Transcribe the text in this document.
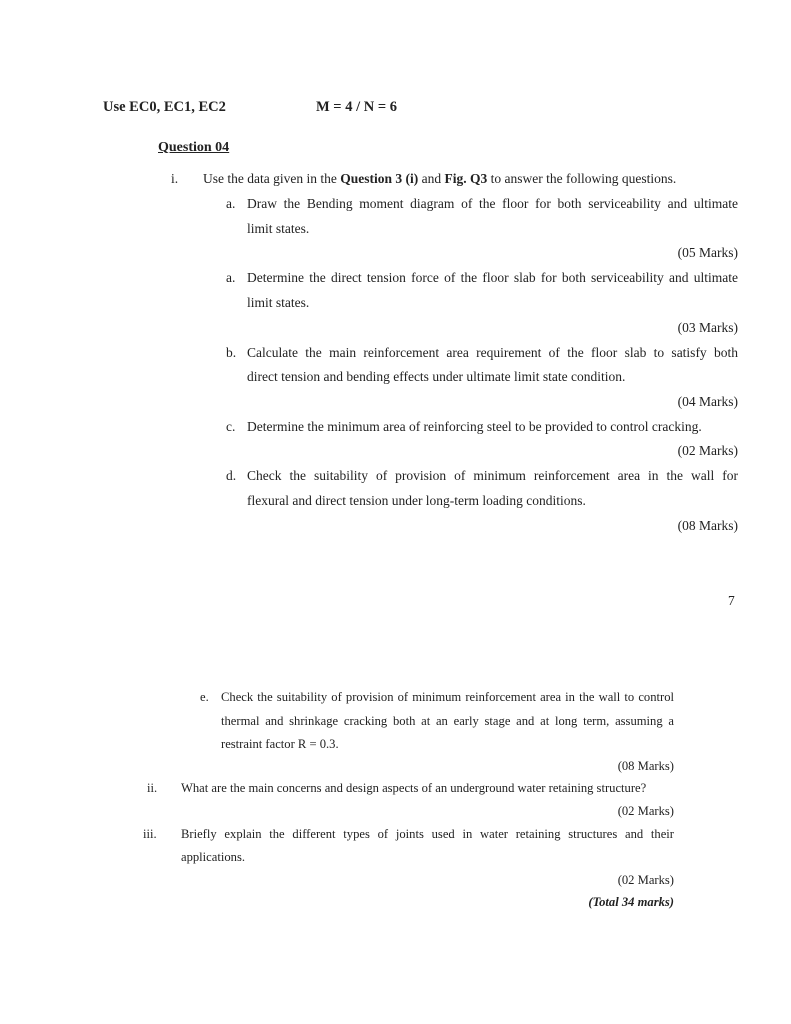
Use EC0, EC1, EC2	M = 4 / N = 6
Question 04
i. Use the data given in the Question 3 (i) and Fig. Q3 to answer the following questions.
a. Draw the Bending moment diagram of the floor for both serviceability and ultimate
limit states.
(05 Marks)
a. Determine the direct tension force of the floor slab for both serviceability and ultimate
limit states.
(03 Marks)
b. Calculate the main reinforcement area requirement of the floor slab to satisfy both
direct tension and bending effects under ultimate limit state condition.
(04 Marks)
c. Determine the minimum area of reinforcing steel to be provided to control cracking.
(02 Marks)
d. Check the suitability of provision of minimum reinforcement area in the wall for
flexural and direct tension under long-term loading conditions.
(08 Marks)
7
e. Check the suitability of provision of minimum reinforcement area in the wall to control
thermal and shrinkage cracking both at an early stage and at long term, assuming a
restraint factor R = 0.3.
(08 Marks)
ii. What are the main concerns and design aspects of an underground water retaining structure?
(02 Marks)
iii. Briefly explain the different types of joints used in water retaining structures and their
applications.
(02 Marks)
(Total 34 marks)
